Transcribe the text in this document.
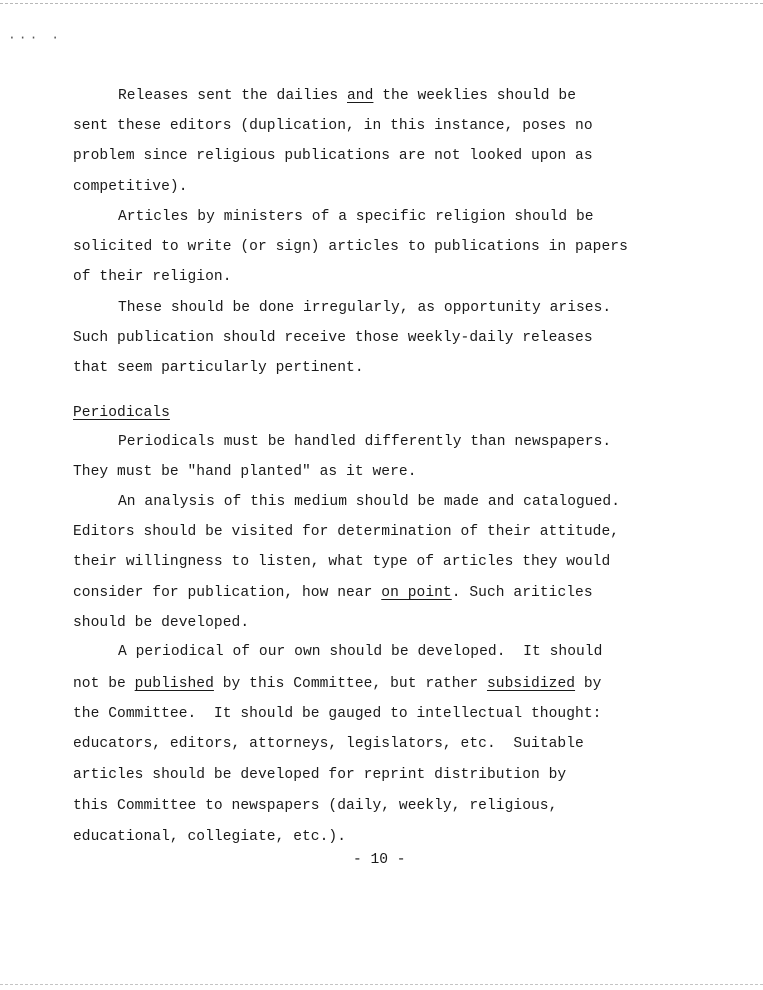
··· ·
Releases sent the dailies and the weeklies should be
sent these editors (duplication, in this instance, poses no
problem since religious publications are not looked upon as
competitive).
Articles by ministers of a specific religion should be
solicited to write (or sign) articles to publications in papers
of their religion.
These should be done irregularly, as opportunity arises.
Such publication should receive those weekly-daily releases
that seem particularly pertinent.
Periodicals
Periodicals must be handled differently than newspapers.
They must be "hand planted" as it were.
An analysis of this medium should be made and catalogued.
Editors should be visited for determination of their attitude,
their willingness to listen, what type of articles they would
consider for publication, how near on point. Such ariticles
should be developed.
A periodical of our own should be developed.  It should
not be published by this Committee, but rather subsidized by
the Committee.  It should be gauged to intellectual thought:
educators, editors, attorneys, legislators, etc.  Suitable
articles should be developed for reprint distribution by
this Committee to newspapers (daily, weekly, religious,
educational, collegiate, etc.).
- 10 -
